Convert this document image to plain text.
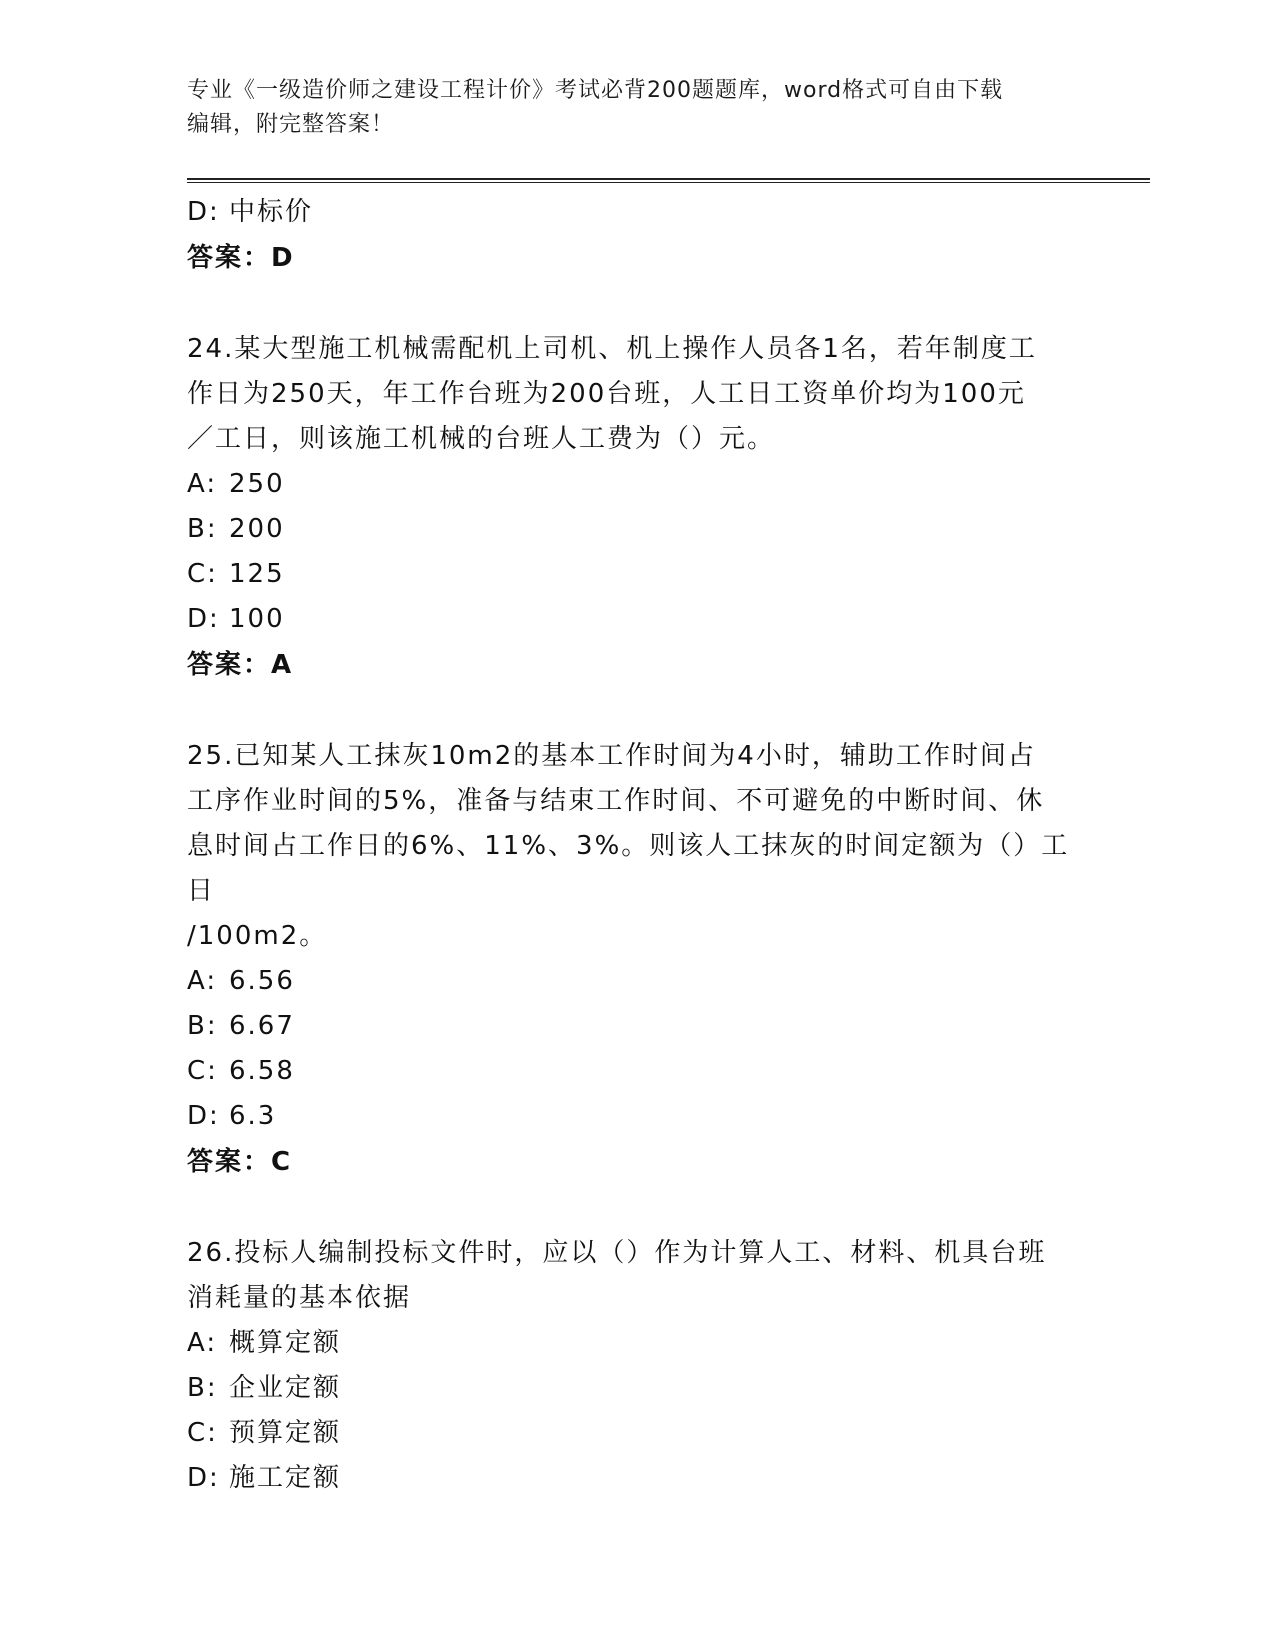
专业《一级造价师之建设工程计价》考试必背200题题库，word格式可自由下载
编辑，附完整答案！
D: 中标价
答案：D
24.某大型施工机械需配机上司机、机上操作人员各1名，若年制度工
作日为250天，年工作台班为200台班，人工日工资单价均为100元
／工日，则该施工机械的台班人工费为（）元。
A: 250
B: 200
C: 125
D: 100
答案：A
25.已知某人工抹灰10m2的基本工作时间为4小时，辅助工作时间占
工序作业时间的5%，准备与结束工作时间、不可避免的中断时间、休
息时间占工作日的6%、11%、3%。则该人工抹灰的时间定额为（）工日
/100m2。
A: 6.56
B: 6.67
C: 6.58
D: 6.3
答案：C
26.投标人编制投标文件时，应以（）作为计算人工、材料、机具台班
消耗量的基本依据
A: 概算定额
B: 企业定额
C: 预算定额
D: 施工定额
